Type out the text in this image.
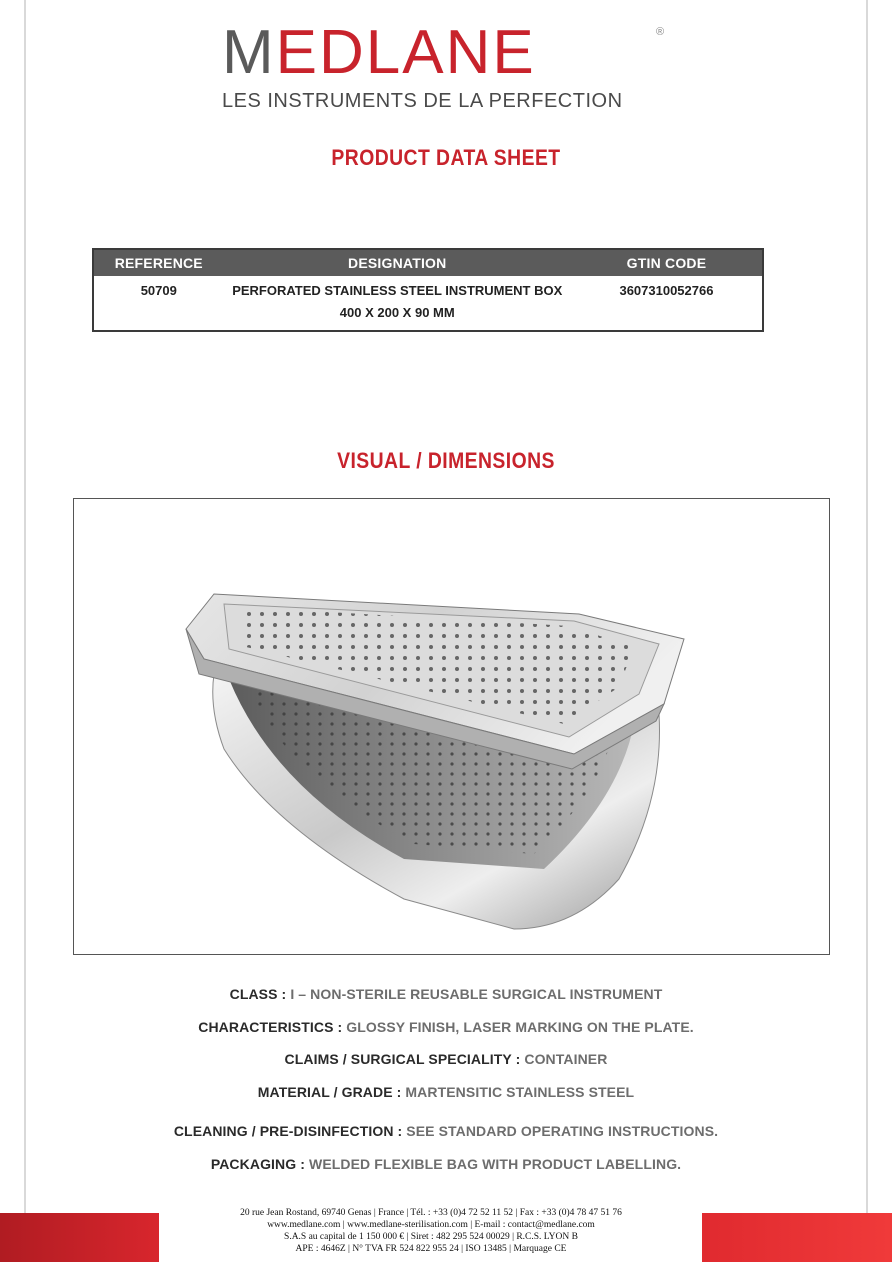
MEDLANE	®
LES INSTRUMENTS DE LA PERFECTION
PRODUCT DATA SHEET
REFERENCE	DESIGNATION	GTIN CODE
50709	PERFORATED STAINLESS STEEL INSTRUMENT BOX 400 X 200 X 90 MM	3607310052766
VISUAL / DIMENSIONS
CLASS : I – NON-STERILE REUSABLE SURGICAL INSTRUMENT
CHARACTERISTICS : GLOSSY FINISH, LASER MARKING ON THE PLATE.
CLAIMS / SURGICAL SPECIALITY : CONTAINER
MATERIAL / GRADE : MARTENSITIC STAINLESS STEEL
CLEANING / PRE-DISINFECTION : SEE STANDARD OPERATING INSTRUCTIONS.
PACKAGING : WELDED FLEXIBLE BAG WITH PRODUCT LABELLING.
20 rue Jean Rostand, 69740 Genas | France | Tél. : +33 (0)4 72 52 11 52 | Fax : +33 (0)4 78 47 51 76
www.medlane.com | www.medlane-sterilisation.com | E-mail : contact@medlane.com
S.A.S au capital de 1 150 000 € | Siret : 482 295 524 00029 | R.C.S. LYON B
APE : 4646Z | N° TVA FR 524 822 955 24 | ISO 13485 | Marquage CE
